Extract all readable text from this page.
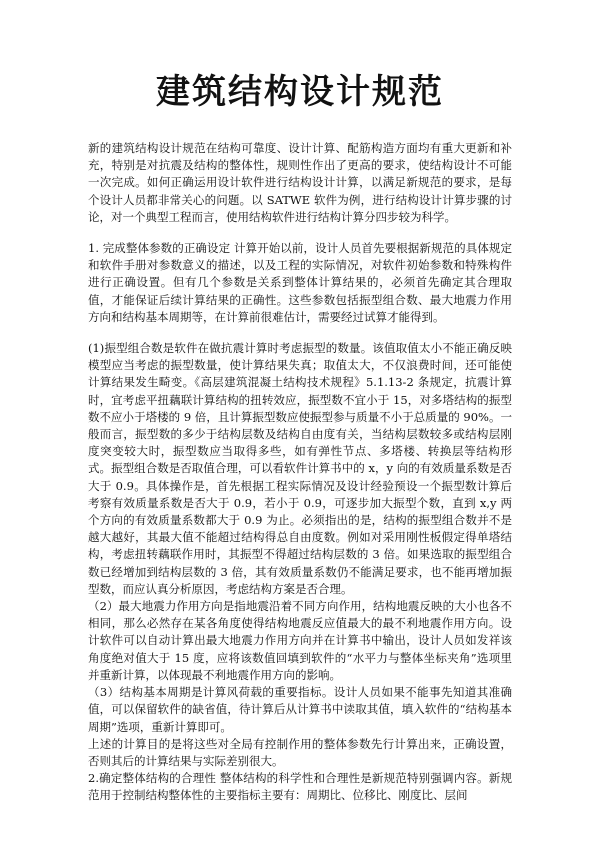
建筑结构设计规范

新的建筑结构设计规范在结构可靠度、设计计算、配筋构造方面均有重大更新和补充，特别是对抗震及结构的整体性，规则性作出了更高的要求，使结构设计不可能一次完成。如何正确运用设计软件进行结构设计计算，以满足新规范的要求，是每个设计人员都非常关心的问题。以 SATWE 软件为例，进行结构设计计算步骤的讨论，对一个典型工程而言，使用结构软件进行结构计算分四步较为科学。

1. 完成整体参数的正确设定 计算开始以前，设计人员首先要根据新规范的具体规定和软件手册对参数意义的描述，以及工程的实际情况，对软件初始参数和特殊构件进行正确设置。但有几个参数是关系到整体计算结果的，必须首先确定其合理取值，才能保证后续计算结果的正确性。这些参数包括振型组合数、最大地震力作用方向和结构基本周期等，在计算前很难估计，需要经过试算才能得到。

(1)振型组合数是软件在做抗震计算时考虑振型的数量。该值取值太小不能正确反映模型应当考虑的振型数量，使计算结果失真；取值太大，不仅浪费时间，还可能使计算结果发生畸变。《高层建筑混凝土结构技术规程》5.1.13-2 条规定，抗震计算时，宜考虑平扭藕联计算结构的扭转效应，振型数不宜小于 15，对多塔结构的振型数不应小于塔楼的 9 倍，且计算振型数应使振型参与质量不小于总质量的 90%。一般而言，振型数的多少于结构层数及结构自由度有关，当结构层数较多或结构层刚度突变较大时，振型数应当取得多些，如有弹性节点、多塔楼、转换层等结构形式。振型组合数是否取值合理，可以看软件计算书中的 x，y 向的有效质量系数是否大于 0.9。具体操作是，首先根据工程实际情况及设计经验预设一个振型数计算后考察有效质量系数是否大于 0.9，若小于 0.9，可逐步加大振型个数，直到 x,y 两个方向的有效质量系数都大于 0.9 为止。必须指出的是，结构的振型组合数并不是越大越好，其最大值不能超过结构得总自由度数。例如对采用刚性板假定得单塔结构，考虑扭转藕联作用时，其振型不得超过结构层数的 3 倍。如果选取的振型组合数已经增加到结构层数的 3 倍，其有效质量系数仍不能满足要求，也不能再增加振型数，而应认真分析原因，考虑结构方案是否合理。

（2）最大地震力作用方向是指地震沿着不同方向作用，结构地震反映的大小也各不相同，那么必然存在某各角度使得结构地震反应值最大的最不利地震作用方向。设计软件可以自动计算出最大地震力作用方向并在计算书中输出，设计人员如发祥该角度绝对值大于 15 度，应将该数值回填到软件的“水平力与整体坐标夹角”选项里并重新计算，以体现最不利地震作用方向的影响。

（3）结构基本周期是计算风荷载的重要指标。设计人员如果不能事先知道其准确值，可以保留软件的缺省值，待计算后从计算书中读取其值，填入软件的“结构基本周期”选项，重新计算即可。

上述的计算目的是将这些对全局有控制作用的整体参数先行计算出来，正确设置，否则其后的计算结果与实际差别很大。

2.确定整体结构的合理性 整体结构的科学性和合理性是新规范特别强调内容。新规范用于控制结构整体性的主要指标主要有：周期比、位移比、刚度比、层间
